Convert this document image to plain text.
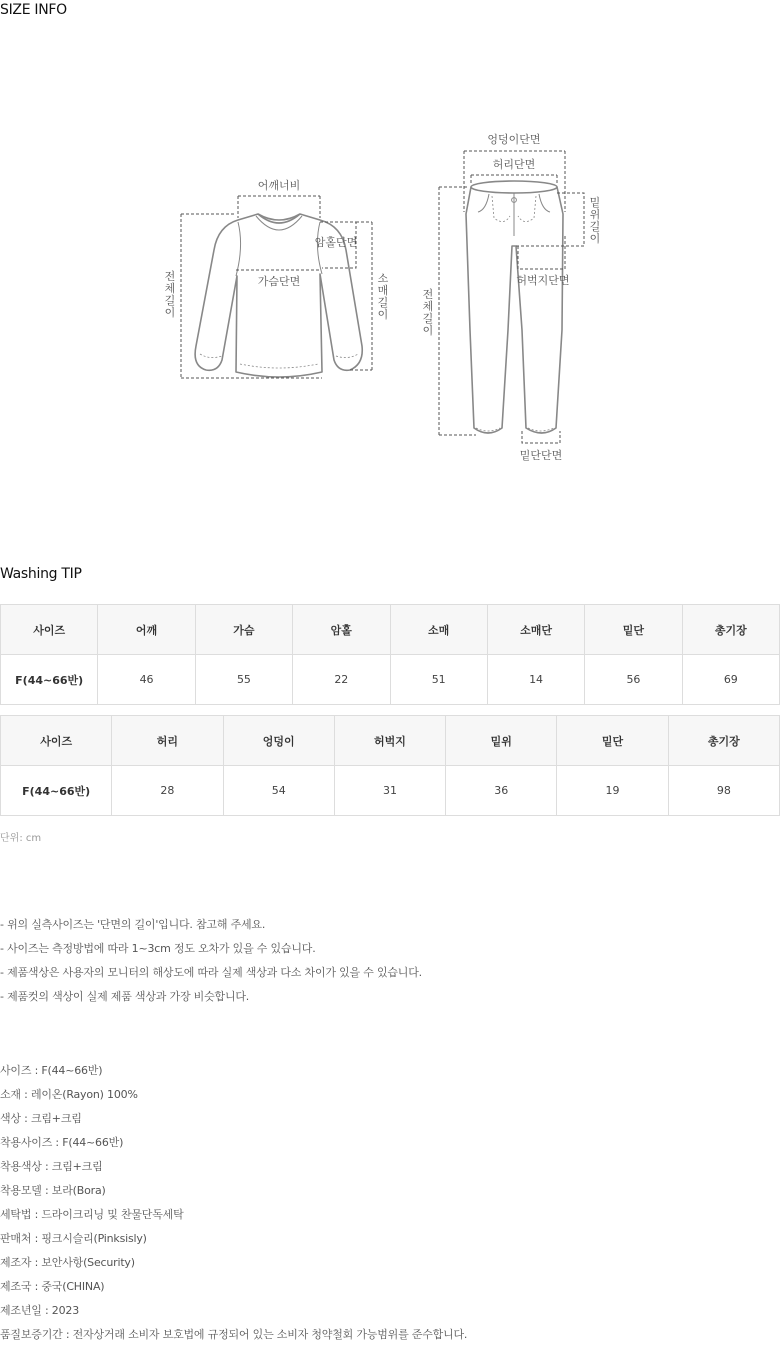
SIZE INFO
어깨너비
암홀단면
가슴단면
전
체
길
이
소
매
길
이
엉덩이단면
허리단면
허벅지단면
밑단단면
밑
위
길
이
전
체
길
이
Washing TIP
사이즈	어깨	가슴	암홀	소매	소매단	밑단	총기장
F(44~66반)	46	55	22	51	14	56	69
사이즈	허리	엉덩이	허벅지	밑위	밑단	총기장
F(44~66반)	28	54	31	36	19	98
단위: cm
- 위의 실측사이즈는 '단면의 길이'입니다. 참고해 주세요.
- 사이즈는 측정방법에 따라 1~3cm 정도 오차가 있을 수 있습니다.
- 제품색상은 사용자의 모니터의 해상도에 따라 실제 색상과 다소 차이가 있을 수 있습니다.
- 제품컷의 색상이 실제 제품 색상과 가장 비슷합니다.
사이즈 : F(44~66반)
소재 : 레이온(Rayon) 100%
색상 : 크림+크림
착용사이즈 : F(44~66반)
착용색상 : 크림+크림
착용모델 : 보라(Bora)
세탁법 : 드라이크리닝 및 찬물단독세탁
판매처 : 핑크시슬리(Pinksisly)
제조자 : 보안사항(Security)
제조국 : 중국(CHINA)
제조년일 : 2023
품질보증기간 : 전자상거래 소비자 보호법에 규정되어 있는 소비자 청약철회 가능범위를 준수합니다.
